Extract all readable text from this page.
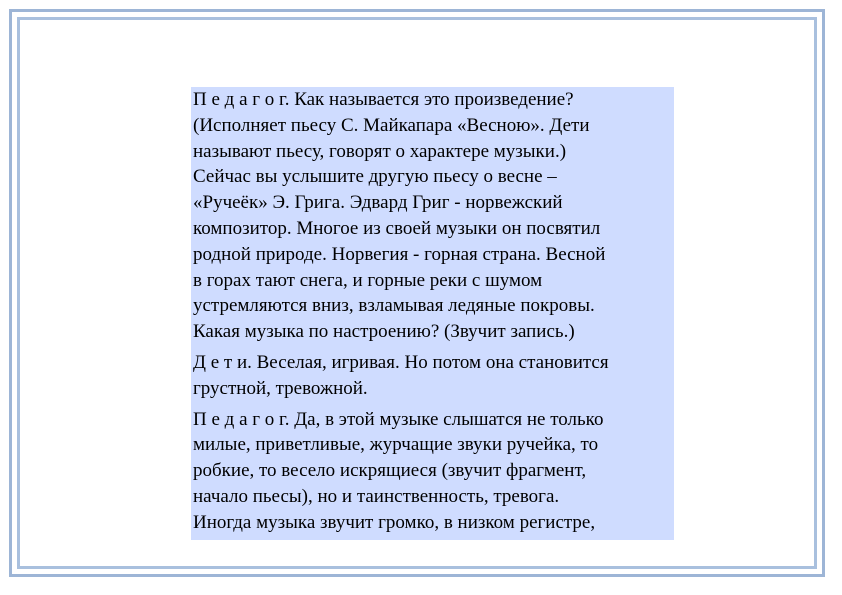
П е д а г о г. Как называется это произведение?
(Исполняет пьесу С. Майкапара «Весною». Дети
называют пьесу, говорят о характере музыки.)
Сейчас вы услышите другую пьесу о весне –
«Ручеёк» Э. Грига. Эдвард Григ - норвежский
композитор. Многое из своей музыки он посвятил
родной природе. Норвегия - горная страна. Весной
в горах тают снега, и горные реки с шумом
устремляются вниз, взламывая ледяные покровы.
Какая музыка по настроению? (Звучит запись.)

Д е т и. Веселая, игривая. Но потом она становится
грустной, тревожной.

П е д а г о г. Да, в этой музыке слышатся не только
милые, приветливые, журчащие звуки ручейка, то
робкие, то весело искрящиеся (звучит фрагмент,
начало пьесы), но и таинственность, тревога.
Иногда музыка звучит громко, в низком регистре,
